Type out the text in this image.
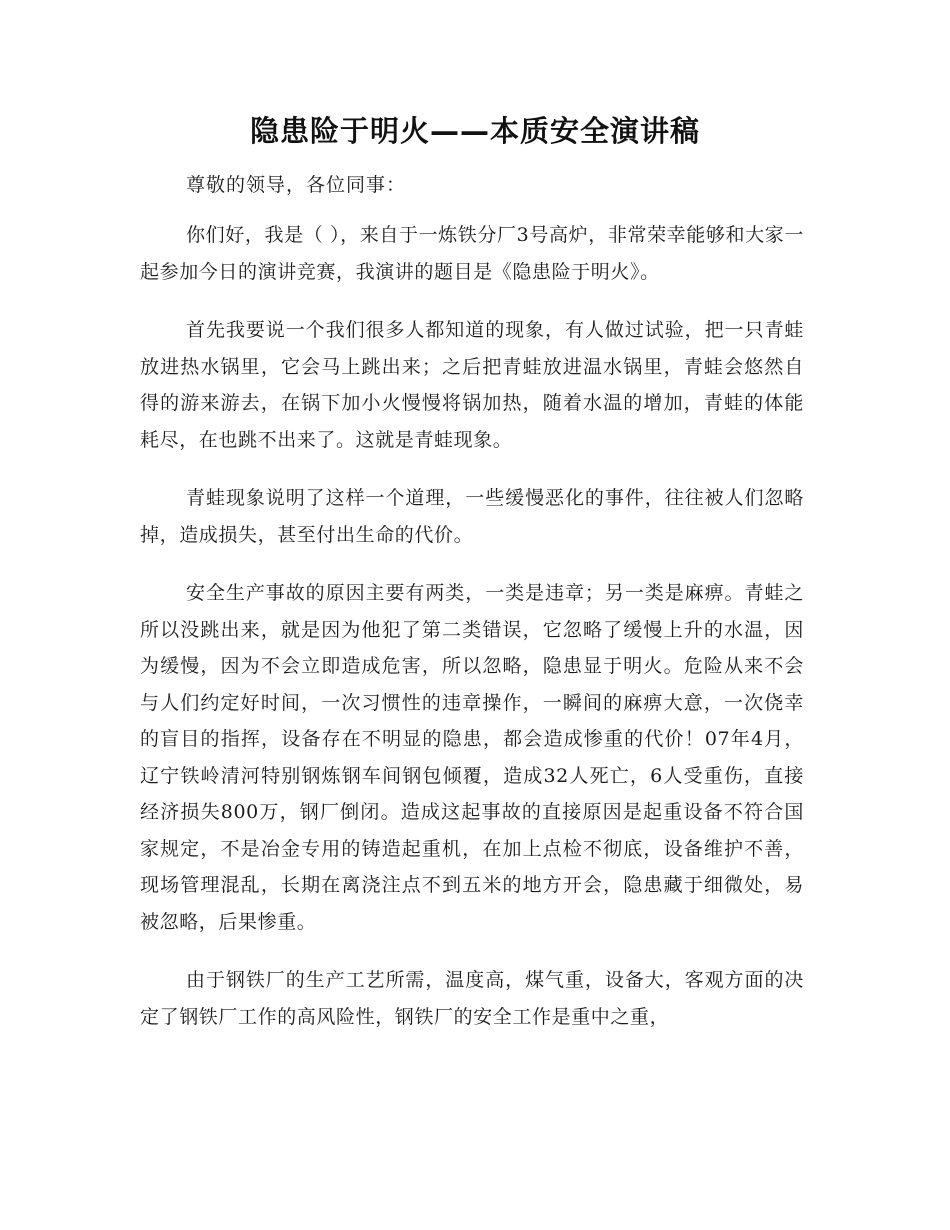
隐患险于明火——本质安全演讲稿

尊敬的领导，各位同事：

你们好，我是（ ），来自于一炼铁分厂3号高炉，非常荣幸能够和大家一起参加今日的演讲竞赛，我演讲的题目是《隐患险于明火》。

首先我要说一个我们很多人都知道的现象，有人做过试验，把一只青蛙放进热水锅里，它会马上跳出来；之后把青蛙放进温水锅里，青蛙会悠然自得的游来游去，在锅下加小火慢慢将锅加热，随着水温的增加，青蛙的体能耗尽，在也跳不出来了。这就是青蛙现象。

青蛙现象说明了这样一个道理，一些缓慢恶化的事件，往往被人们忽略掉，造成损失，甚至付出生命的代价。

安全生产事故的原因主要有两类，一类是违章；另一类是麻痹。青蛙之所以没跳出来，就是因为他犯了第二类错误，它忽略了缓慢上升的水温，因为缓慢，因为不会立即造成危害，所以忽略，隐患显于明火。危险从来不会与人们约定好时间，一次习惯性的违章操作，一瞬间的麻痹大意，一次侥幸的盲目的指挥，设备存在不明显的隐患，都会造成惨重的代价！07年4月，辽宁铁岭清河特别钢炼钢车间钢包倾覆，造成32人死亡，6人受重伤，直接经济损失800万，钢厂倒闭。造成这起事故的直接原因是起重设备不符合国家规定，不是冶金专用的铸造起重机，在加上点检不彻底，设备维护不善，现场管理混乱，长期在离浇注点不到五米的地方开会，隐患藏于细微处，易被忽略，后果惨重。

由于钢铁厂的生产工艺所需，温度高，煤气重，设备大，客观方面的决定了钢铁厂工作的高风险性，钢铁厂的安全工作是重中之重，
